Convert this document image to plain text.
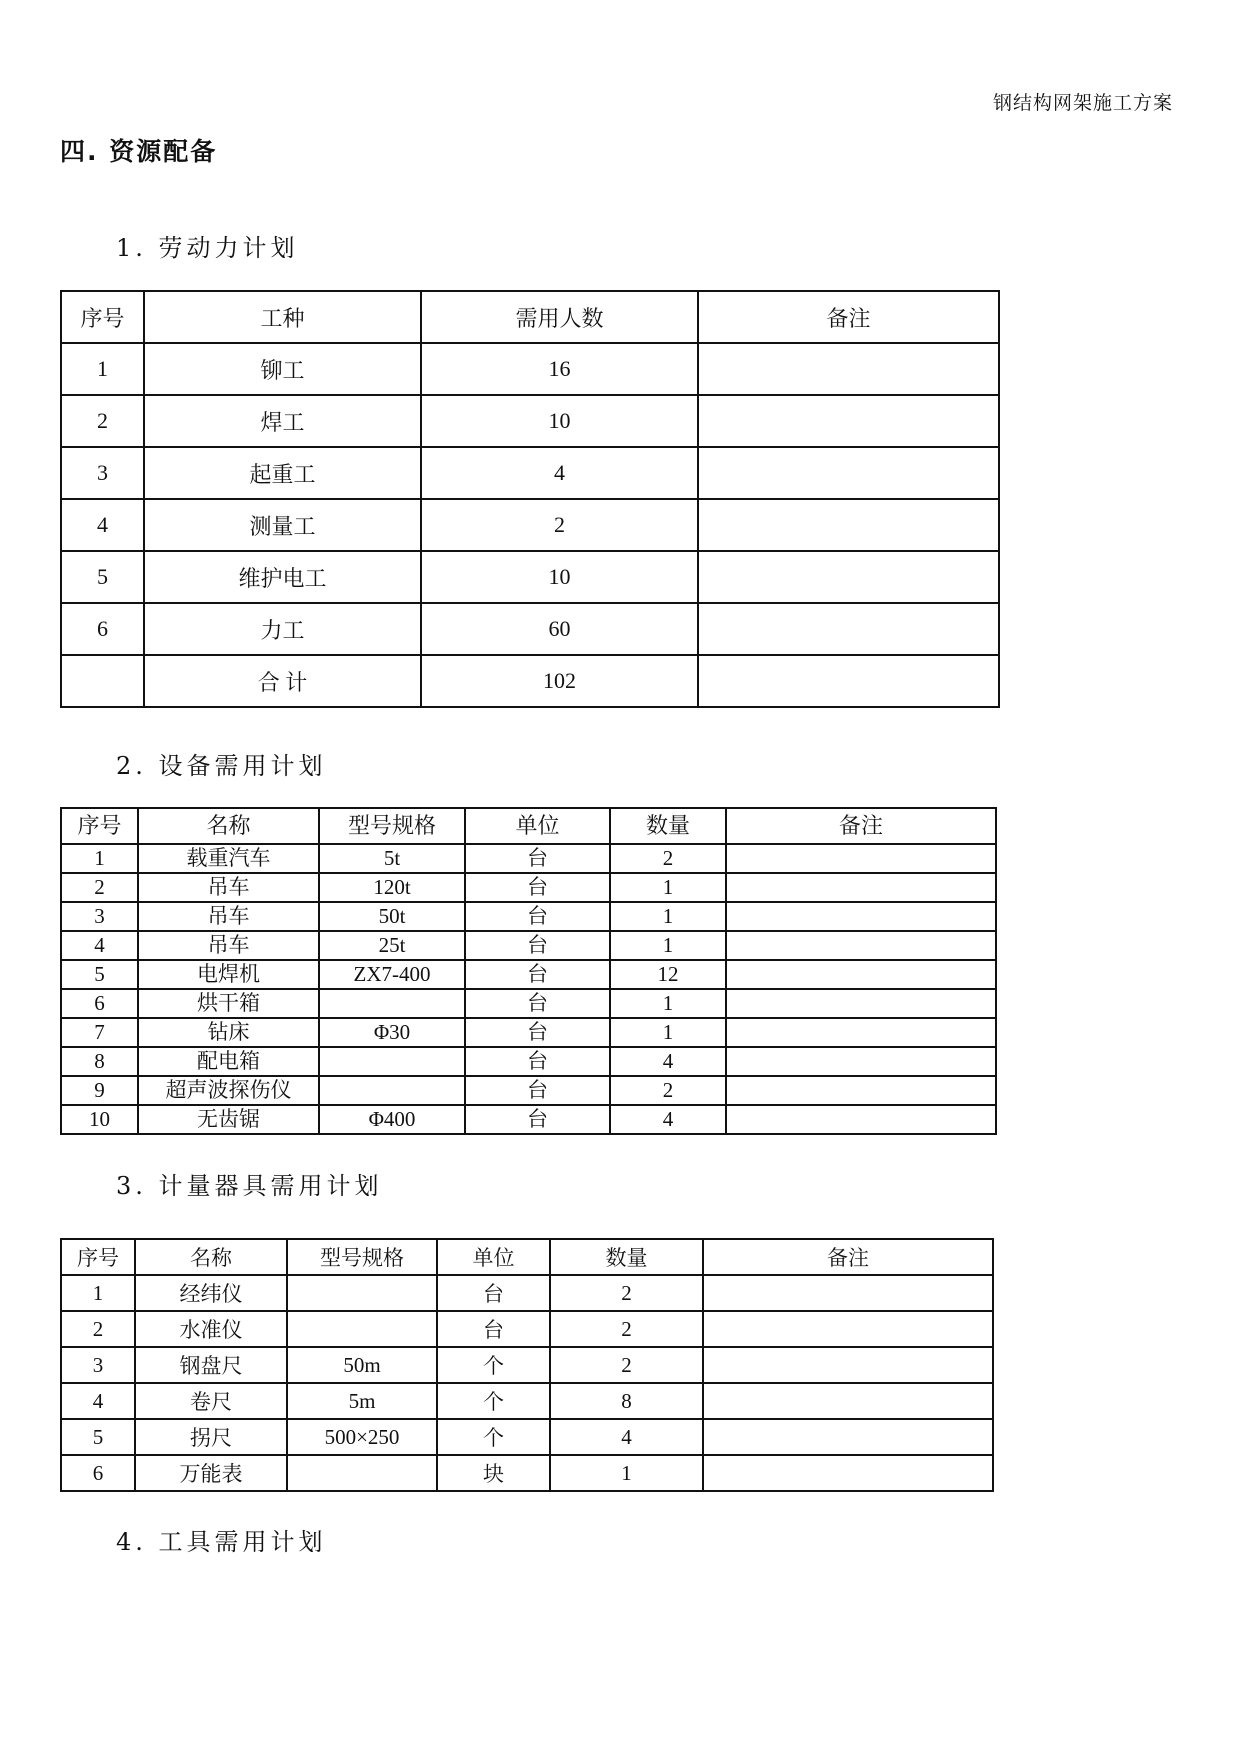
钢结构网架施工方案
四. 资源配备
1. 劳动力计划
序号	工种	需用人数	备注
1	铆工	16	
2	焊工	10	
3	起重工	4	
4	测量工	2	
5	维护电工	10	
6	力工	60	
	合 计	102	
2. 设备需用计划
序号	名称	型号规格	单位	数量	备注
1	载重汽车	5t	台	2	
2	吊车	120t	台	1	
3	吊车	50t	台	1	
4	吊车	25t	台	1	
5	电焊机	ZX7-400	台	12	
6	烘干箱		台	1	
7	钻床	Φ30	台	1	
8	配电箱		台	4	
9	超声波探伤仪		台	2	
10	无齿锯	Φ400	台	4	
3. 计量器具需用计划
序号	名称	型号规格	单位	数量	备注
1	经纬仪		台	2	
2	水准仪		台	2	
3	钢盘尺	50m	个	2	
4	卷尺	5m	个	8	
5	拐尺	500×250	个	4	
6	万能表		块	1	
4. 工具需用计划
